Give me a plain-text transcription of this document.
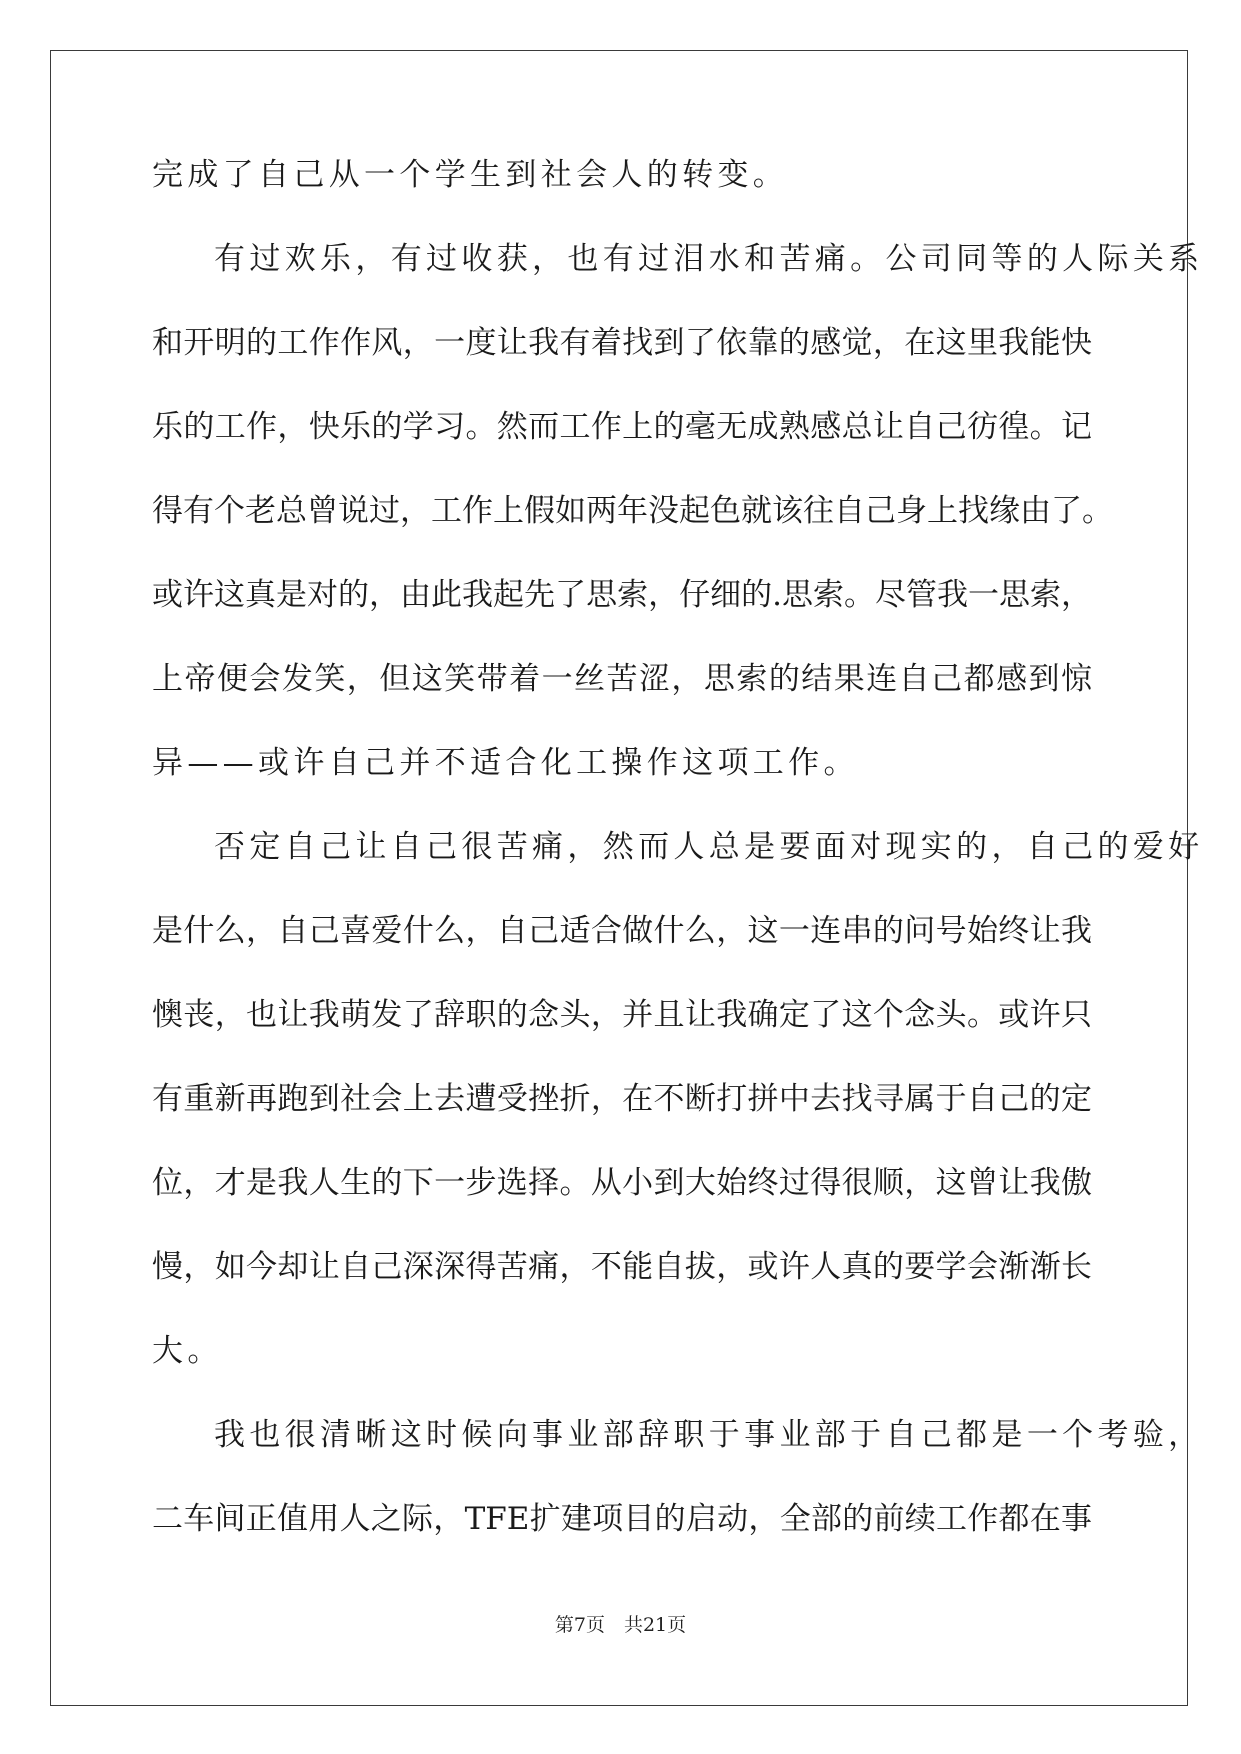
完成了自己从一个学生到社会人的转变。
有过欢乐，有过收获，也有过泪水和苦痛。公司同等的人际关系
和开明的工作作风，一度让我有着找到了依靠的感觉，在这里我能快
乐的工作，快乐的学习。然而工作上的毫无成熟感总让自己彷徨。记
得有个老总曾说过，工作上假如两年没起色就该往自己身上找缘由了。
或许这真是对的，由此我起先了思索，仔细的.思索。尽管我一思索，
上帝便会发笑，但这笑带着一丝苦涩，思索的结果连自己都感到惊
异——或许自己并不适合化工操作这项工作。
否定自己让自己很苦痛，然而人总是要面对现实的，自己的爱好
是什么，自己喜爱什么，自己适合做什么，这一连串的问号始终让我
懊丧，也让我萌发了辞职的念头，并且让我确定了这个念头。或许只
有重新再跑到社会上去遭受挫折，在不断打拼中去找寻属于自己的定
位，才是我人生的下一步选择。从小到大始终过得很顺，这曾让我傲
慢，如今却让自己深深得苦痛，不能自拔，或许人真的要学会渐渐长
大。
我也很清晰这时候向事业部辞职于事业部于自己都是一个考验，
二车间正值用人之际，TFE扩建项目的启动，全部的前续工作都在事
第7页　共21页
